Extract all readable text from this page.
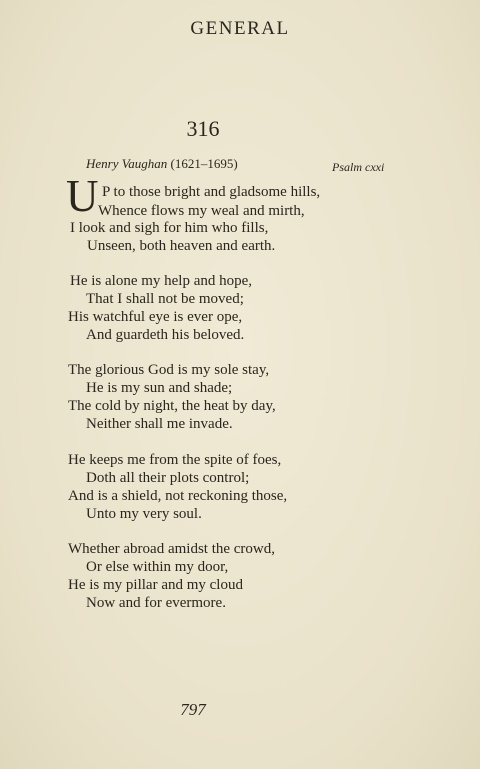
GENERAL
316
Henry Vaughan (1621–1695)	Psalm cxxi
U P to those bright and gladsome hills,
Whence flows my weal and mirth,
I look and sigh for him who fills,
Unseen, both heaven and earth.
He is alone my help and hope,
That I shall not be moved;
His watchful eye is ever ope,
And guardeth his beloved.
The glorious God is my sole stay,
He is my sun and shade;
The cold by night, the heat by day,
Neither shall me invade.
He keeps me from the spite of foes,
Doth all their plots control;
And is a shield, not reckoning those,
Unto my very soul.
Whether abroad amidst the crowd,
Or else within my door,
He is my pillar and my cloud
Now and for evermore.
797
